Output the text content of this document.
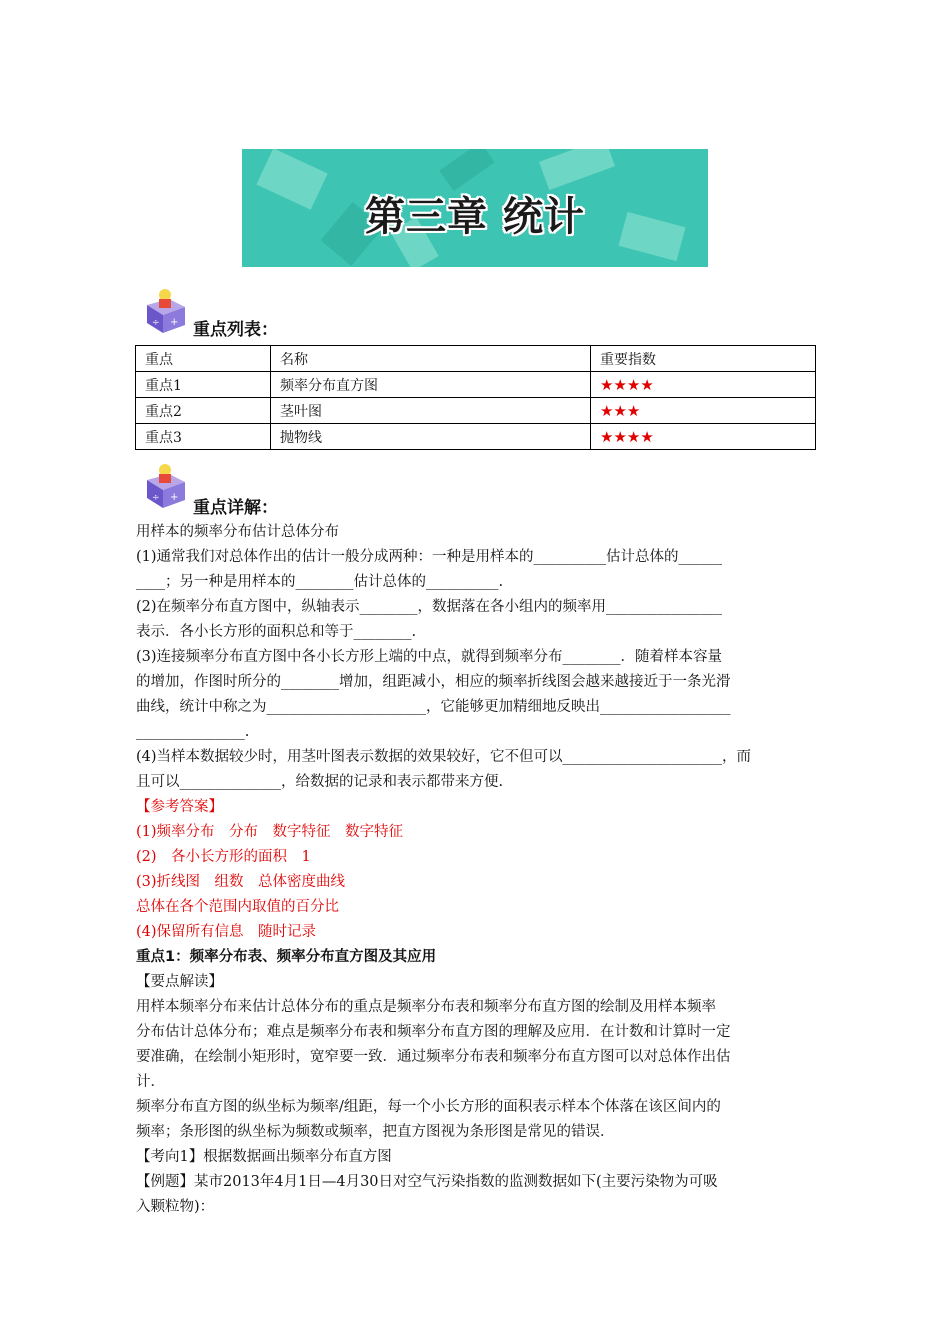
第三章 统计
÷ + 重点列表：
重点	名称	重要指数
重点1	频率分布直方图	★★★★
重点2	茎叶图	★★★
重点3	抛物线	★★★★
÷ +
重点详解：
用样本的频率分布估计总体分布
(1)通常我们对总体作出的估计一般分成两种：一种是用样本的__________估计总体的______
____；另一种是用样本的________估计总体的__________.
(2)在频率分布直方图中，纵轴表示________，数据落在各小组内的频率用________________
表示．各小长方形的面积总和等于________.
(3)连接频率分布直方图中各小长方形上端的中点，就得到频率分布________．随着样本容量
的增加，作图时所分的________增加，组距减小，相应的频率折线图会越来越接近于一条光滑
曲线，统计中称之为______________________，它能够更加精细地反映出__________________
_______________.
(4)当样本数据较少时，用茎叶图表示数据的效果较好，它不但可以______________________，而
且可以______________，给数据的记录和表示都带来方便.
【参考答案】
(1)频率分布　分布　数字特征　数字特征
(2)　各小长方形的面积　1
(3)折线图　组数　总体密度曲线
总体在各个范围内取值的百分比
(4)保留所有信息　随时记录
重点1：频率分布表、频率分布直方图及其应用
【要点解读】
用样本频率分布来估计总体分布的重点是频率分布表和频率分布直方图的绘制及用样本频率
分布估计总体分布；难点是频率分布表和频率分布直方图的理解及应用．在计数和计算时一定
要准确，在绘制小矩形时，宽窄要一致．通过频率分布表和频率分布直方图可以对总体作出估
计．
频率分布直方图的纵坐标为频率/组距，每一个小长方形的面积表示样本个体落在该区间内的
频率；条形图的纵坐标为频数或频率，把直方图视为条形图是常见的错误．
【考向1】根据数据画出频率分布直方图
【例题】某市2013年4月1日—4月30日对空气污染指数的监测数据如下(主要污染物为可吸
入颗粒物)：
